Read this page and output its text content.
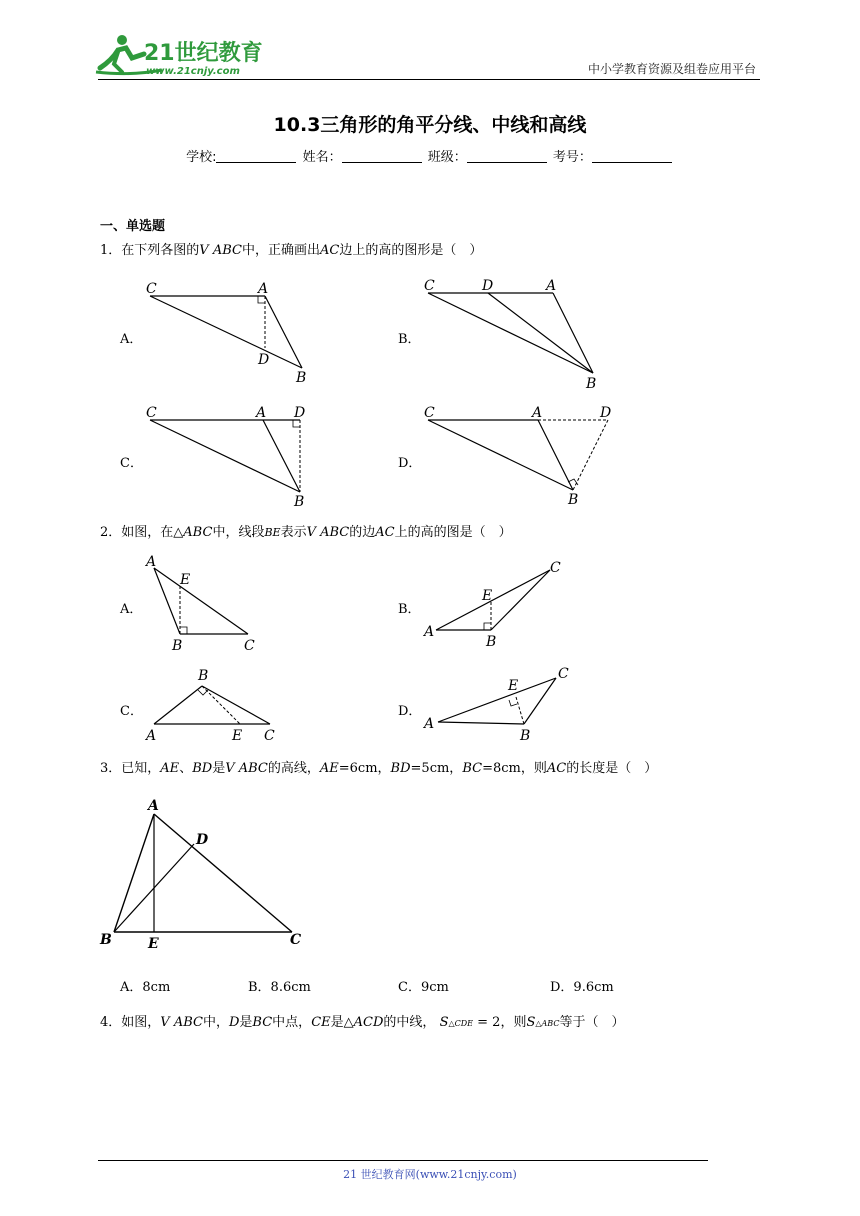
21世纪教育
www.21cnjy.com	中小学教育资源及组卷应用平台
10.3三角形的角平分线、中线和高线
学校:	姓名：	班级：	考号：
一、单选题
1．在下列各图的V ABC中，正确画出AC边上的高的图形是（　）
A．
C	A
D
B
B．
C	D	A
B
C．
C	A D
B
D．
C	A	D
B
2．如图，在△ABC中，线段BE表示V ABC的边AC上的高的图是（　）
A．
A
E
B	C
B．
A
E
B
C
C．
B
A	E C
D．
A
E
B
C
3．已知，AE、BD是V ABC的高线，AE=6cm，BD=5cm，BC=8cm，则AC的长度是（　）
A
D
B	E	C
A．8cm	B．8.6cm	C．9cm	D．9.6cm
4．如图，V ABC中，D是BC中点，CE是△ACD的中线， S△CDE = 2，则S△ABC等于（　）
21 世纪教育网(www.21cnjy.com)
